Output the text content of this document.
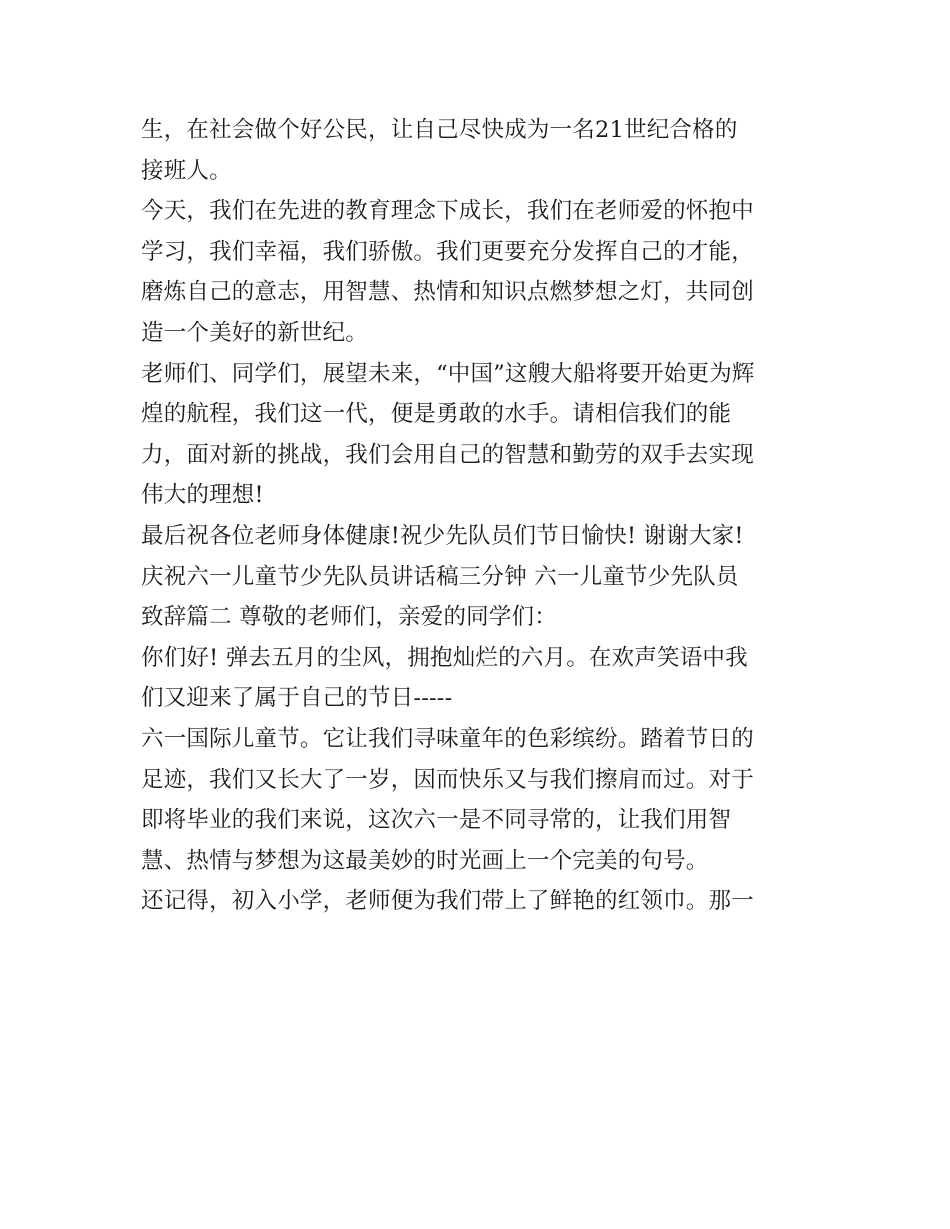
生，在社会做个好公民，让自己尽快成为一名21世纪合格的
接班人。
今天，我们在先进的教育理念下成长，我们在老师爱的怀抱中
学习，我们幸福，我们骄傲。我们更要充分发挥自己的才能，
磨炼自己的意志，用智慧、热情和知识点燃梦想之灯，共同创
造一个美好的新世纪。
老师们、同学们，展望未来，“中国”这艘大船将要开始更为辉
煌的航程，我们这一代，便是勇敢的水手。请相信我们的能
力，面对新的挑战，我们会用自己的智慧和勤劳的双手去实现
伟大的理想!
最后祝各位老师身体健康!祝少先队员们节日愉快! 谢谢大家!
庆祝六一儿童节少先队员讲话稿三分钟 六一儿童节少先队员
致辞篇二 尊敬的老师们，亲爱的同学们：
你们好! 弹去五月的尘风，拥抱灿烂的六月。在欢声笑语中我
们又迎来了属于自己的节日-----
六一国际儿童节。它让我们寻味童年的色彩缤纷。踏着节日的
足迹，我们又长大了一岁，因而快乐又与我们擦肩而过。对于
即将毕业的我们来说，这次六一是不同寻常的，让我们用智
慧、热情与梦想为这最美妙的时光画上一个完美的句号。
还记得，初入小学，老师便为我们带上了鲜艳的红领巾。那一
